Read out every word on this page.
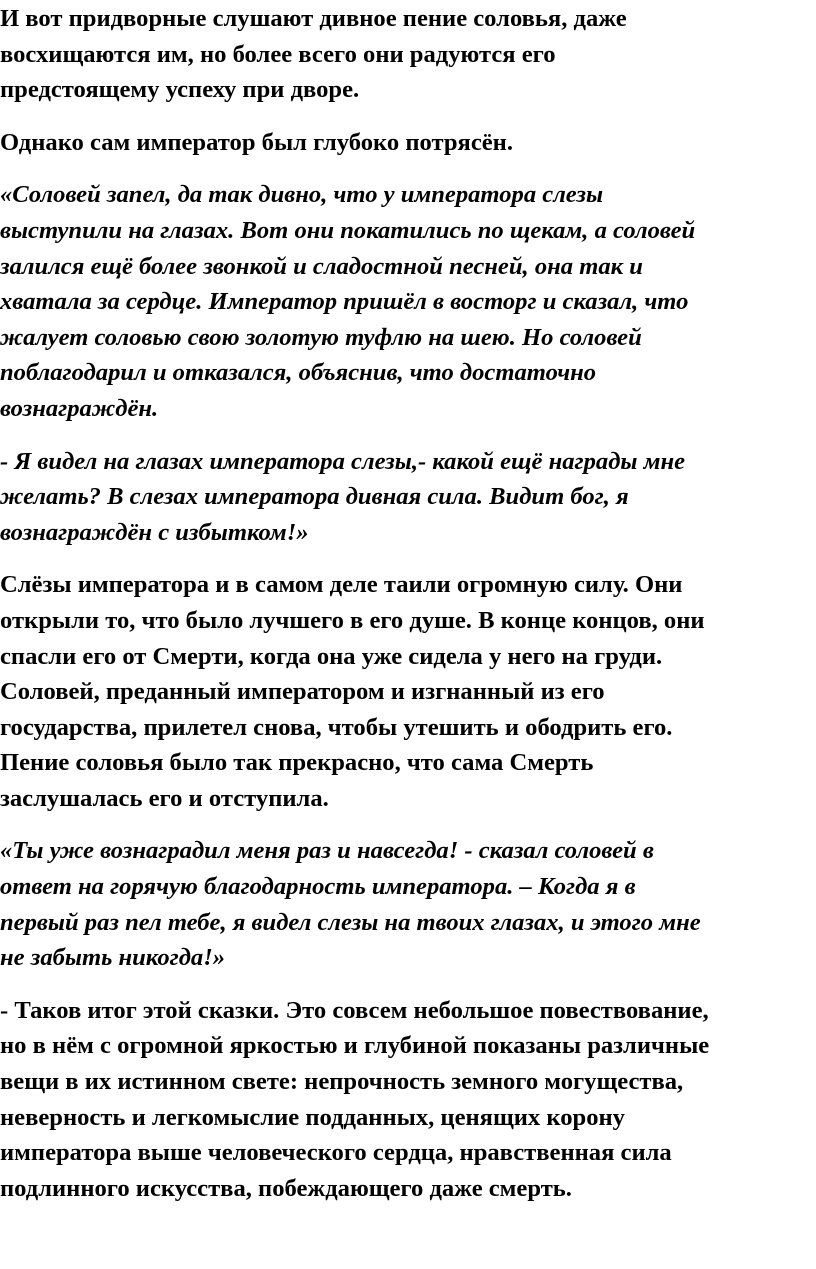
И вот придворные слушают дивное пение соловья, даже
восхищаются им, но более всего они радуются его
предстоящему успеху при дворе.
Однако сам император был глубоко потрясён.
«Соловей запел, да так дивно, что у императора слезы
выступили на глазах. Вот они покатились по щекам, а соловей
залился ещё более звонкой и сладостной песней, она так и
хватала за сердце. Император пришёл в восторг и сказал, что
жалует соловью свою золотую туфлю на шею. Но соловей
поблагодарил и отказался, объяснив, что достаточно
вознаграждён.
- Я видел на глазах императора слезы,- какой ещё награды мне
желать? В слезах императора дивная сила. Видит бог, я
вознаграждён с избытком!»
Слёзы императора и в самом деле таили огромную силу. Они
открыли то, что было лучшего в его душе. В конце концов, они
спасли его от Смерти, когда она уже сидела у него на груди.
Соловей, преданный императором и изгнанный из его
государства, прилетел снова, чтобы утешить и ободрить его.
Пение соловья было так прекрасно, что сама Смерть
заслушалась его и отступила.
«Ты уже вознаградил меня раз и навсегда! - сказал соловей в
ответ на горячую благодарность императора. – Когда я в
первый раз пел тебе, я видел слезы на твоих глазах, и этого мне
не забыть никогда!»
- Таков итог этой сказки. Это совсем небольшое повествование,
но в нём с огромной яркостью и глубиной показаны различные
вещи в их истинном свете: непрочность земного могущества,
неверность и легкомыслие подданных, ценящих корону
императора выше человеческого сердца, нравственная сила
подлинного искусства, побеждающего даже смерть.
